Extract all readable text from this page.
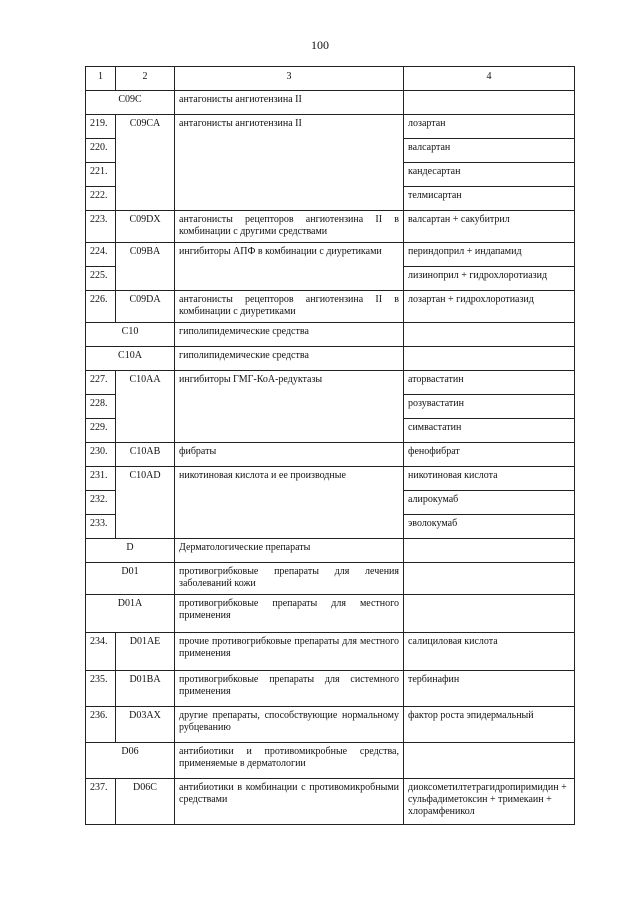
100
1	2	3	4
C09C		антагонисты ангиотензина II	
219.	C09CA	антагонисты ангиотензина II	лозартан
220.			валсартан
221.			кандесартан
222.			телмисартан
223.	C09DX	антагонисты рецепторов ангиотензина II в комбинации с другими средствами	валсартан + сакубитрил
224.	C09BA	ингибиторы АПФ в комбинации с диуретиками	периндоприл + индапамид
225.			лизиноприл + гидрохлоротиазид
226.	C09DA	антагонисты рецепторов ангиотензина II в комбинации с диуретиками	лозартан + гидрохлоротиазид
C10		гиполипидемические средства	
C10A		гиполипидемические средства	
227.	C10AA	ингибиторы ГМГ-КоА-редуктазы	аторвастатин
228.			розувастатин
229.			симвастатин
230.	C10AB	фибраты	фенофибрат
231.	C10AD	никотиновая кислота и ее производные	никотиновая кислота
232.			алирокумаб
233.			эволокумаб
D		Дерматологические препараты	
D01		противогрибковые препараты для лечения заболеваний кожи	
D01A		противогрибковые препараты для местного применения	
234.	D01AE	прочие противогрибковые препараты для местного применения	салициловая кислота
235.	D01BA	противогрибковые препараты для системного применения	тербинафин
236.	D03AX	другие препараты, способствующие нормальному рубцеванию	фактор роста эпидермальный
D06		антибиотики и противомикробные средства, применяемые в дерматологии	
237.	D06C	антибиотики в комбинации с противомикробными средствами	диоксометилтетрагидропиримидин + сульфадиметоксин + тримекаин + хлорамфеникол
